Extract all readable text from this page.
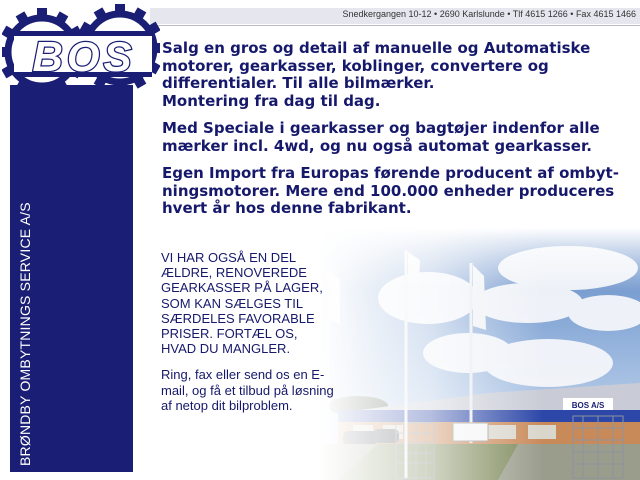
Snedkergangen 10-12 • 2690 Karlslunde • Tlf 4615 1266 • Fax 4615 1466
BRØNDBY OMBYTNINGS SERVICE A/S
BOS Salg en gros og detail af manuelle og Automatiske motorer, gearkasser, koblinger, convertere og differentialer. Til alle bilmærker.

Montering fra dag til dag.

Med Speciale i gearkasser og bagtøjer indenfor alle mærker incl. 4wd, og nu også automat gearkasser.

Egen Import fra Europas førende producent af ombyt-ningsmotorer. Mere end 100.000 enheder produceres hvert år hos denne fabrikant.

VI HAR OGSÅ EN DEL ÆLDRE, RENOVEREDE GEARKASSER PÅ LAGER, SOM KAN SÆLGES TIL SÆRDELES FAVORABLE PRISER. FORTÆL OS, HVAD DU MANGLER.

Ring, fax eller send os en E-mail, og få et tilbud på løsning af netop dit bilproblem.
